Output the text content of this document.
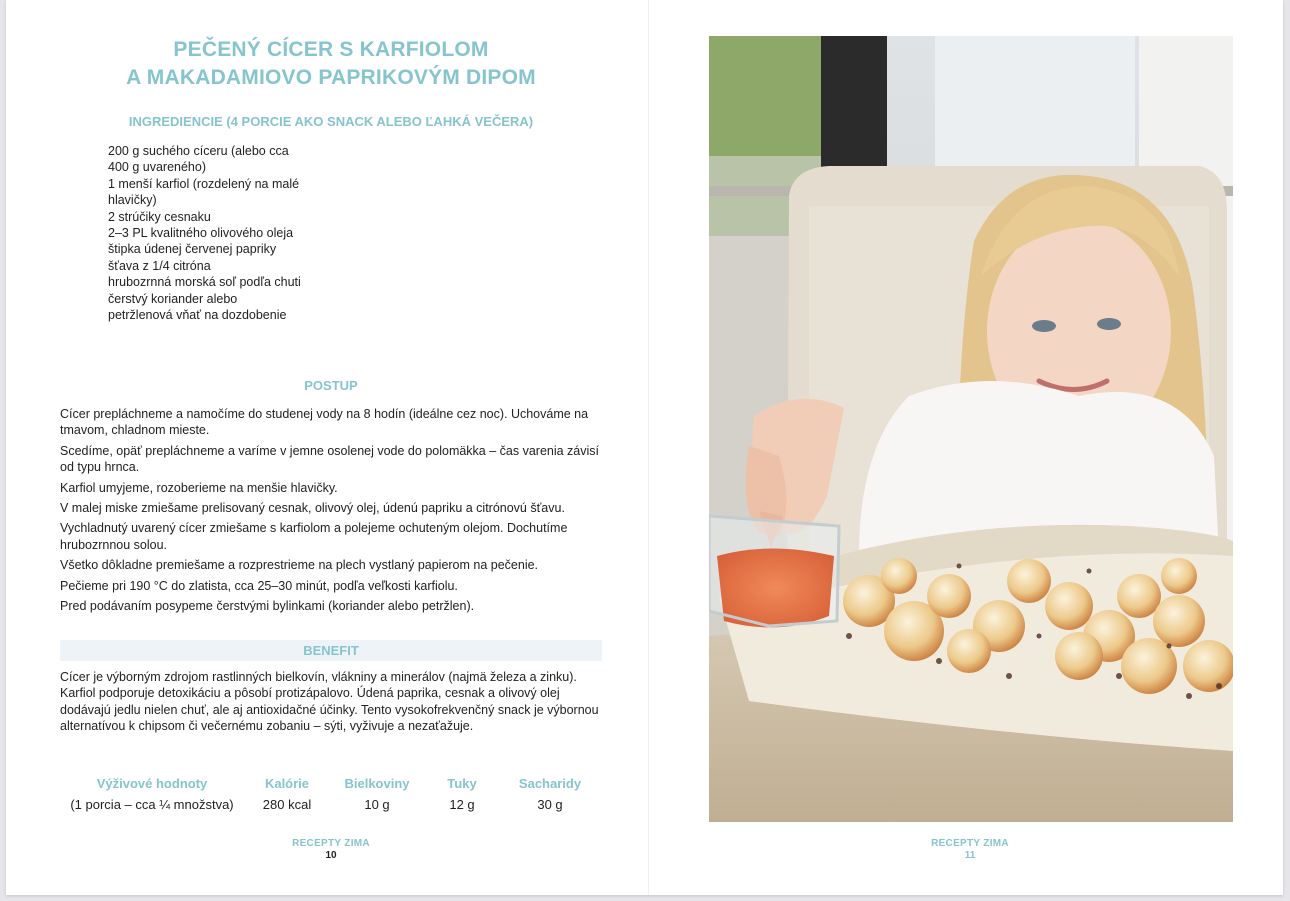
PEČENÝ CÍCER S KARFIOLOM
A MAKADAMIOVO PAPRIKOVÝM DIPOM
INGREDIENCIE (4 PORCIE AKO SNACK ALEBO ĽAHKÁ VEČERA)
200 g suchého cíceru (alebo cca
400 g uvareného)
1 menší karfiol (rozdelený na malé
hlavičky)
2 strúčiky cesnaku
2–3 PL kvalitného olivového oleja
štipka údenej červenej papriky
šťava z 1/4 citróna
hrubozrnná morská soľ podľa chuti
čerstvý koriander alebo
petržlenová vňať na dozdobenie
POSTUP
Cícer prepláchneme a namočíme do studenej vody na 8 hodín (ideálne cez noc). Uchováme na tmavom, chladnom mieste.
Scedíme, opäť prepláchneme a varíme v jemne osolenej vode do polomäkka – čas varenia závisí od typu hrnca.
Karfiol umyjeme, rozoberieme na menšie hlavičky.
V malej miske zmiešame prelisovaný cesnak, olivový olej, údenú papriku a citrónovú šťavu.
Vychladnutý uvarený cícer zmiešame s karfiolom a polejeme ochuteným olejom. Dochutíme hrubozrnnou solou.
Všetko dôkladne premiešame a rozprestrieme na plech vystlaný papierom na pečenie.
Pečieme pri 190 °C do zlatista, cca 25–30 minút, podľa veľkosti karfiolu.
Pred podávaním posypeme čerstvými bylinkami (koriander alebo petržlen).
BENEFIT

Cícer je výborným zdrojom rastlinných bielkovín, vlákniny a minerálov (najmä železa a zinku). Karfiol podporuje detoxikáciu a pôsobí protizápalovo. Údená paprika, cesnak a olivový olej dodávajú jedlu nielen chuť, ale aj antioxidačné účinky. Tento vysokofrekvenčný snack je výbornou alternatívou k chipsom či večernému zobaniu – sýti, vyživuje a nezaťažuje.

Výživové hodnoty	Kalórie	Bielkoviny	Tuky	Sacharidy
(1 porcia – cca ¼ množstva)	280 kcal	10 g	12 g	30 g
RECEPTY ZIMA
10
RECEPTY ZIMA
11
